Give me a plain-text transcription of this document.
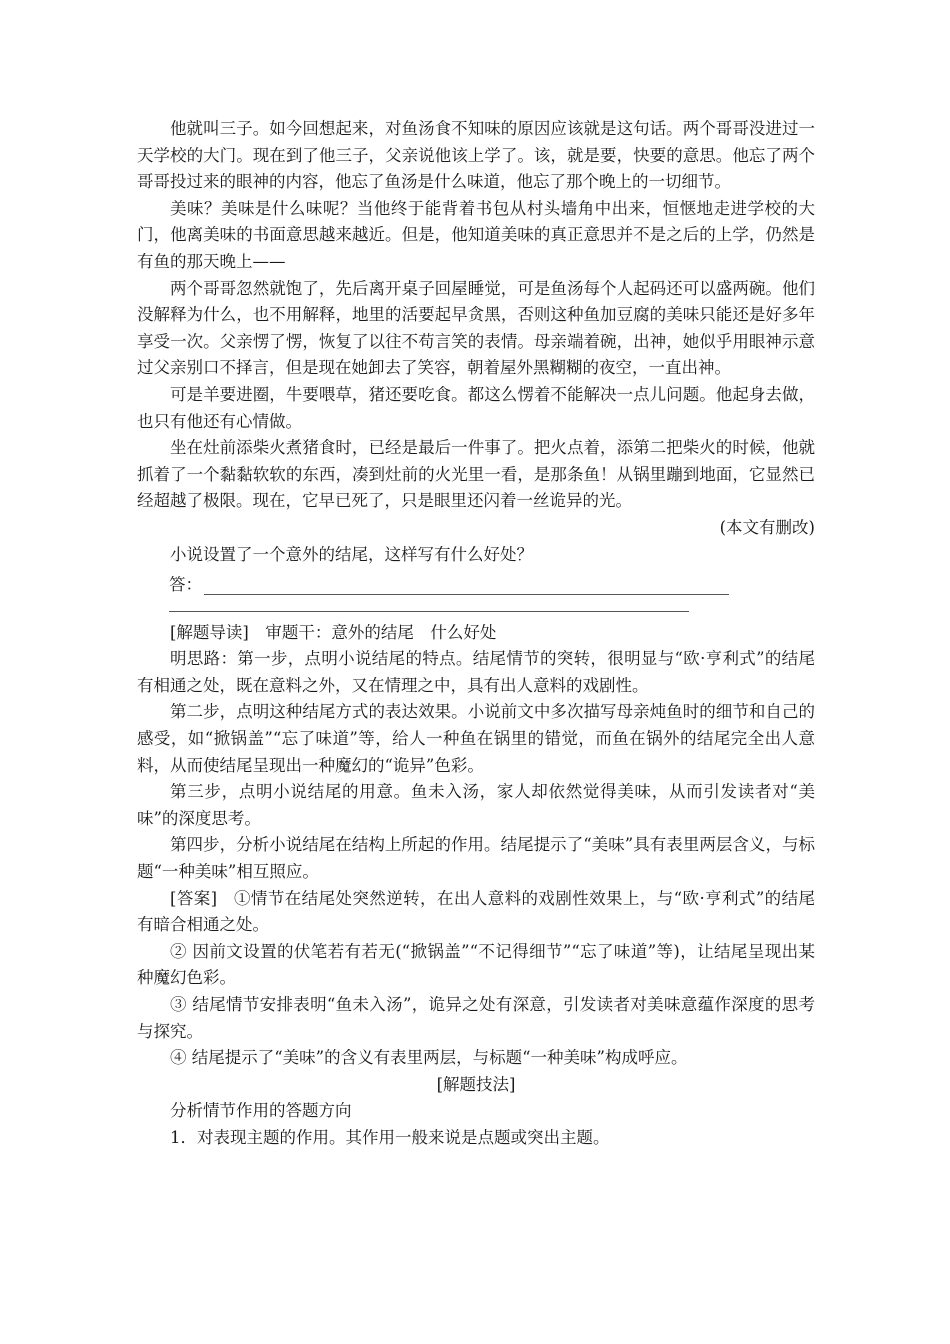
他就叫三子。如今回想起来，对鱼汤食不知味的原因应该就是这句话。两个哥哥没进过一天学校的大门。现在到了他三子，父亲说他该上学了。该，就是要，快要的意思。他忘了两个哥哥投过来的眼神的内容，他忘了鱼汤是什么味道，他忘了那个晚上的一切细节。

美味？美味是什么味呢？当他终于能背着书包从村头墙角中出来，恒惬地走进学校的大门，他离美味的书面意思越来越近。但是，他知道美味的真正意思并不是之后的上学，仍然是有鱼的那天晚上——

两个哥哥忽然就饱了，先后离开桌子回屋睡觉，可是鱼汤每个人起码还可以盛两碗。他们没解释为什么，也不用解释，地里的活要起早贪黑，否则这种鱼加豆腐的美味只能还是好多年享受一次。父亲愣了愣，恢复了以往不苟言笑的表情。母亲端着碗，出神，她似乎用眼神示意过父亲别口不择言，但是现在她卸去了笑容，朝着屋外黑糊糊的夜空，一直出神。

可是羊要进圈，牛要喂草，猪还要吃食。都这么愣着不能解决一点儿问题。他起身去做，也只有他还有心情做。

坐在灶前添柴火煮猪食时，已经是最后一件事了。把火点着，添第二把柴火的时候，他就抓着了一个黏黏软软的东西，凑到灶前的火光里一看，是那条鱼！从锅里蹦到地面，它显然已经超越了极限。现在，它早已死了，只是眼里还闪着一丝诡异的光。

(本文有删改)

小说设置了一个意外的结尾，这样写有什么好处？

答：

[解题导读] 审题干：意外的结尾 什么好处

明思路：第一步，点明小说结尾的特点。结尾情节的突转，很明显与“欧·亨利式”的结尾有相通之处，既在意料之外，又在情理之中，具有出人意料的戏剧性。

第二步，点明这种结尾方式的表达效果。小说前文中多次描写母亲炖鱼时的细节和自己的感受，如“掀锅盖”“忘了味道”等，给人一种鱼在锅里的错觉，而鱼在锅外的结尾完全出人意料，从而使结尾呈现出一种魔幻的“诡异”色彩。

第三步，点明小说结尾的用意。鱼未入汤，家人却依然觉得美味，从而引发读者对“美味”的深度思考。

第四步，分析小说结尾在结构上所起的作用。结尾提示了“美味”具有表里两层含义，与标题“一种美味”相互照应。

[答案] ①情节在结尾处突然逆转，在出人意料的戏剧性效果上，与“欧·亨利式”的结尾有暗合相通之处。

② 因前文设置的伏笔若有若无(“掀锅盖”“不记得细节”“忘了味道”等)，让结尾呈现出某种魔幻色彩。

③ 结尾情节安排表明“鱼未入汤”，诡异之处有深意，引发读者对美味意蕴作深度的思考与探究。

④ 结尾提示了“美味”的含义有表里两层，与标题“一种美味”构成呼应。

[解题技法]

分析情节作用的答题方向

1．对表现主题的作用。其作用一般来说是点题或突出主题。
